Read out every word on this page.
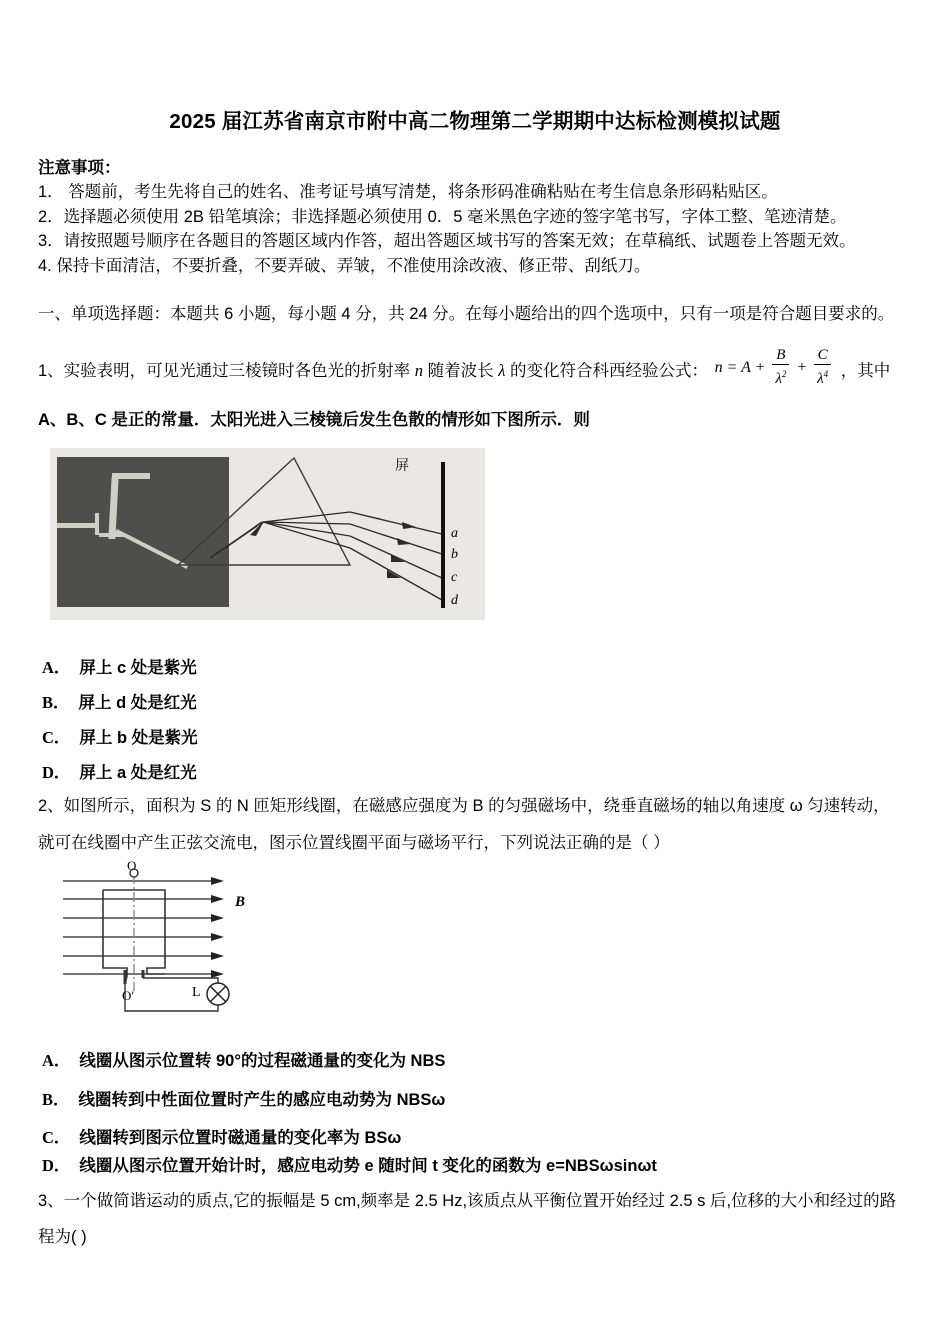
2025 届江苏省南京市附中高二物理第二学期期中达标检测模拟试题
注意事项：
1． 答题前，考生先将自己的姓名、准考证号填写清楚，将条形码准确粘贴在考生信息条形码粘贴区。
2．选择题必须使用 2B 铅笔填涂；非选择题必须使用 0．5 毫米黑色字迹的签字笔书写，字体工整、笔迹清楚。
3．请按照题号顺序在各题目的答题区域内作答，超出答题区域书写的答案无效；在草稿纸、试题卷上答题无效。
4. 保持卡面清洁，不要折叠，不要弄破、弄皱，不准使用涂改液、修正带、刮纸刀。
一、单项选择题：本题共 6 小题，每小题 4 分，共 24 分。在每小题给出的四个选项中，只有一项是符合题目要求的。
1、实验表明，可见光通过三棱镜时各色光的折射率 n 随着波长 λ 的变化符合科西经验公式： $n = A + \frac{B}{\lambda^2} + \frac{C}{\lambda^4}$ ，其中
A、B、C 是正的常量．太阳光进入三棱镜后发生色散的情形如下图所示．则
屏
a
b
c
d
A． 屏上 c 处是紫光
B． 屏上 d 处是红光
C． 屏上 b 处是紫光
D． 屏上 a 处是红光
2、如图所示，面积为 S 的 N 匝矩形线圈，在磁感应强度为 B 的匀强磁场中，绕垂直磁场的轴以角速度 ω 匀速转动，
就可在线圈中产生正弦交流电，图示位置线圈平面与磁场平行，下列说法正确的是（ ）
O
O′
B
L
A． 线圈从图示位置转 90°的过程磁通量的变化为 NBS
B． 线圈转到中性面位置时产生的感应电动势为 NBSω
C． 线圈转到图示位置时磁通量的变化率为 BSω
D． 线圈从图示位置开始计时，感应电动势 e 随时间 t 变化的函数为 e=NBSωsinωt
3、一个做简谐运动的质点,它的振幅是 5 cm,频率是 2.5 Hz,该质点从平衡位置开始经过 2.5 s 后,位移的大小和经过的路
程为( )
